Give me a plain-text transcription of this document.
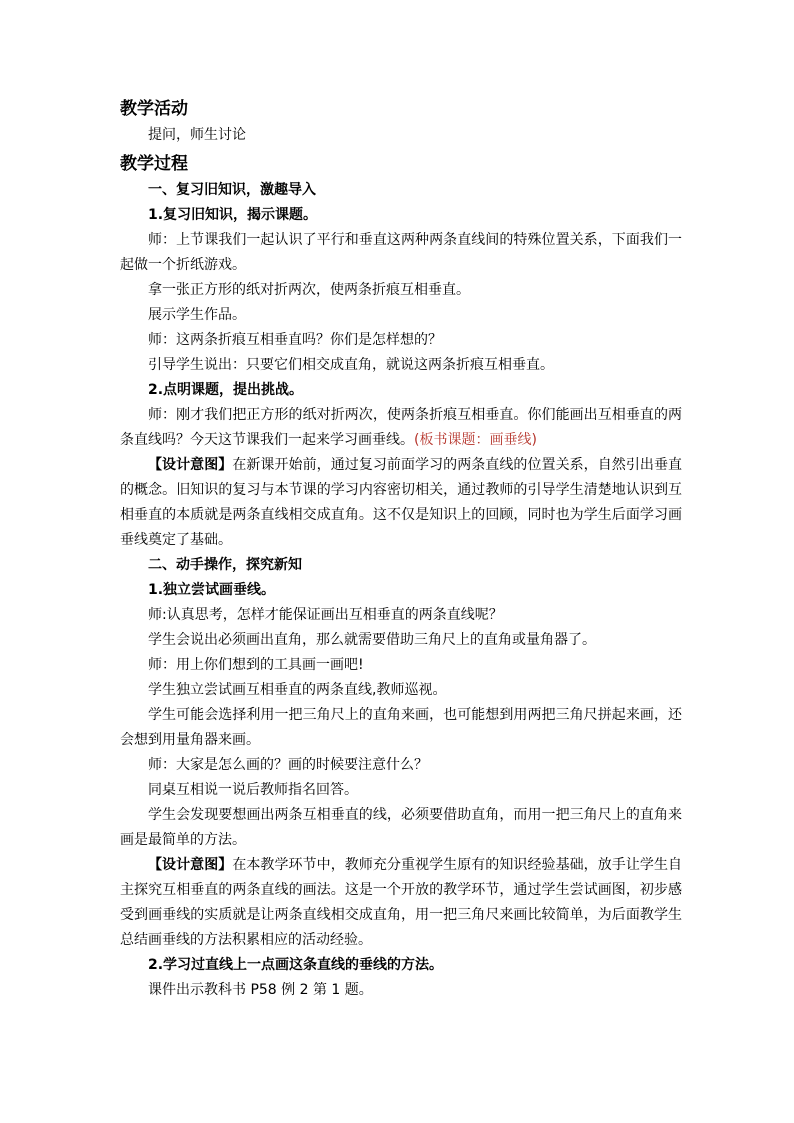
教学活动

提问，师生讨论

教学过程

一、复习旧知识，激趣导入

1.复习旧知识，揭示课题。

师：上节课我们一起认识了平行和垂直这两种两条直线间的特殊位置关系，下面我们一起做一个折纸游戏。

拿一张正方形的纸对折两次，使两条折痕互相垂直。

展示学生作品。

师：这两条折痕互相垂直吗？你们是怎样想的？

引导学生说出：只要它们相交成直角，就说这两条折痕互相垂直。

2.点明课题，提出挑战。

师：刚才我们把正方形的纸对折两次，使两条折痕互相垂直。你们能画出互相垂直的两条直线吗？今天这节课我们一起来学习画垂线。(板书课题：画垂线)

【设计意图】在新课开始前，通过复习前面学习的两条直线的位置关系，自然引出垂直的概念。旧知识的复习与本节课的学习内容密切相关，通过教师的引导学生清楚地认识到互相垂直的本质就是两条直线相交成直角。这不仅是知识上的回顾，同时也为学生后面学习画垂线奠定了基础。

二、动手操作，探究新知

1.独立尝试画垂线。

师:认真思考，怎样才能保证画出互相垂直的两条直线呢？

学生会说出必须画出直角，那么就需要借助三角尺上的直角或量角器了。

师：用上你们想到的工具画一画吧!

学生独立尝试画互相垂直的两条直线,教师巡视。

学生可能会选择利用一把三角尺上的直角来画，也可能想到用两把三角尺拼起来画，还会想到用量角器来画。

师：大家是怎么画的？画的时候要注意什么？

同桌互相说一说后教师指名回答。

学生会发现要想画出两条互相垂直的线，必须要借助直角，而用一把三角尺上的直角来画是最简单的方法。

【设计意图】在本教学环节中，教师充分重视学生原有的知识经验基础，放手让学生自主探究互相垂直的两条直线的画法。这是一个开放的教学环节，通过学生尝试画图，初步感受到画垂线的实质就是让两条直线相交成直角，用一把三角尺来画比较简单，为后面教学生总结画垂线的方法积累相应的活动经验。

2.学习过直线上一点画这条直线的垂线的方法。

课件出示教科书 P58 例 2 第 1 题。
